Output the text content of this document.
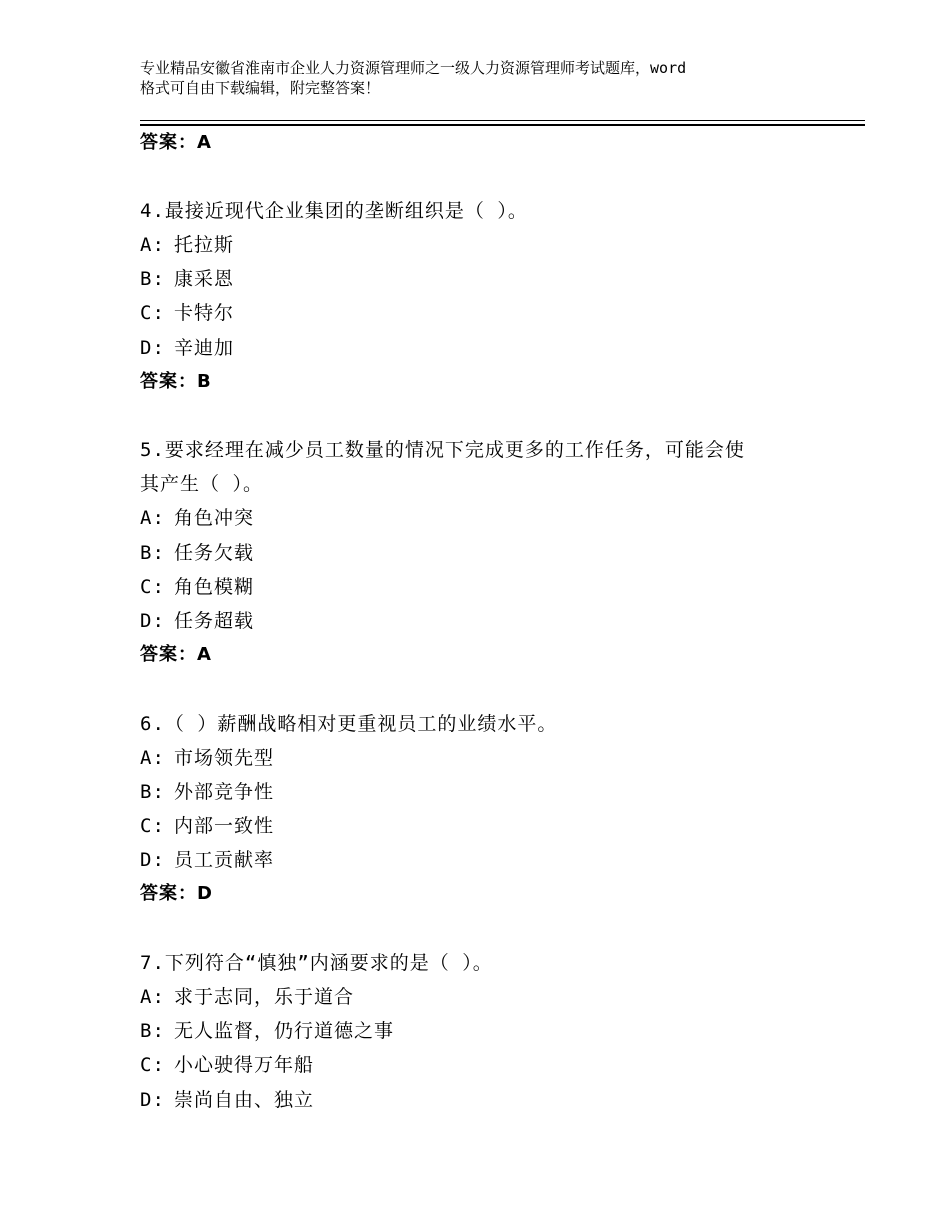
专业精品安徽省淮南市企业人力资源管理师之一级人力资源管理师考试题库，word
格式可自由下载编辑，附完整答案！
答案：A
4.最接近现代企业集团的垄断组织是（ ）。
A: 托拉斯
B: 康采恩
C: 卡特尔
D: 辛迪加
答案：B
5.要求经理在减少员工数量的情况下完成更多的工作任务，可能会使
其产生（ ）。
A: 角色冲突
B: 任务欠载
C: 角色模糊
D: 任务超载
答案：A
6.（ ）薪酬战略相对更重视员工的业绩水平。
A: 市场领先型
B: 外部竞争性
C: 内部一致性
D: 员工贡献率
答案：D
7.下列符合“慎独”内涵要求的是（ ）。
A: 求于志同，乐于道合
B: 无人监督，仍行道德之事
C: 小心驶得万年船
D: 崇尚自由、独立
